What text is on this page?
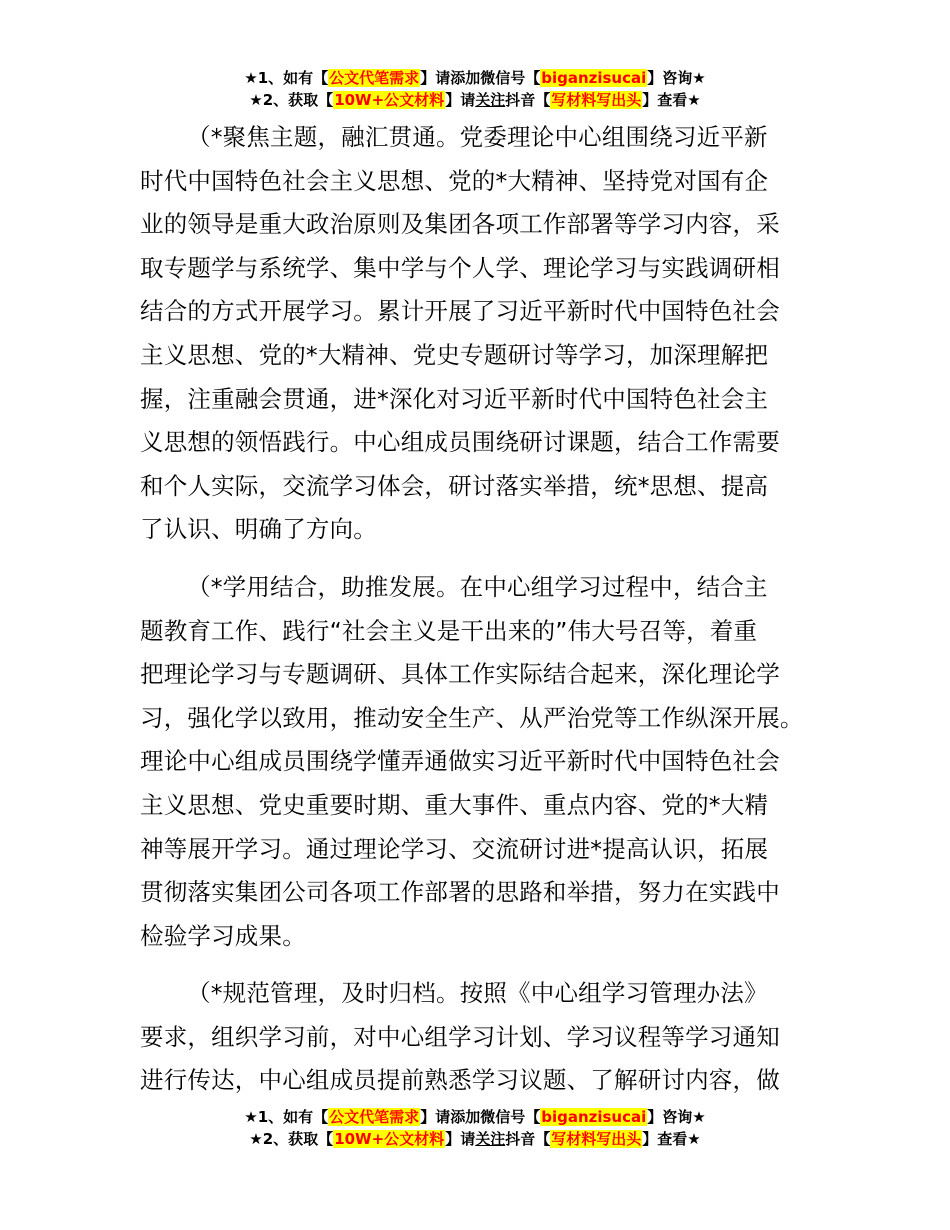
★1、如有【公文代笔需求】请添加微信号【biganzisucai】咨询★
★2、获取【10W+公文材料】请关注抖音【写材料写出头】查看★

（*聚焦主题，融汇贯通。党委理论中心组围绕习近平新
时代中国特色社会主义思想、党的*大精神、坚持党对国有企
业的领导是重大政治原则及集团各项工作部署等学习内容，采
取专题学与系统学、集中学与个人学、理论学习与实践调研相
结合的方式开展学习。累计开展了习近平新时代中国特色社会
主义思想、党的*大精神、党史专题研讨等学习，加深理解把
握，注重融会贯通，进*深化对习近平新时代中国特色社会主
义思想的领悟践行。中心组成员围绕研讨课题，结合工作需要
和个人实际，交流学习体会，研讨落实举措，统*思想、提高
了认识、明确了方向。

（*学用结合，助推发展。在中心组学习过程中，结合主
题教育工作、践行“社会主义是干出来的”伟大号召等，着重
把理论学习与专题调研、具体工作实际结合起来，深化理论学
习，强化学以致用，推动安全生产、从严治党等工作纵深开展。
理论中心组成员围绕学懂弄通做实习近平新时代中国特色社会
主义思想、党史重要时期、重大事件、重点内容、党的*大精
神等展开学习。通过理论学习、交流研讨进*提高认识，拓展
贯彻落实集团公司各项工作部署的思路和举措，努力在实践中
检验学习成果。

（*规范管理，及时归档。按照《中心组学习管理办法》
要求，组织学习前，对中心组学习计划、学习议程等学习通知
进行传达，中心组成员提前熟悉学习议题、了解研讨内容，做

★1、如有【公文代笔需求】请添加微信号【biganzisucai】咨询★
★2、获取【10W+公文材料】请关注抖音【写材料写出头】查看★
